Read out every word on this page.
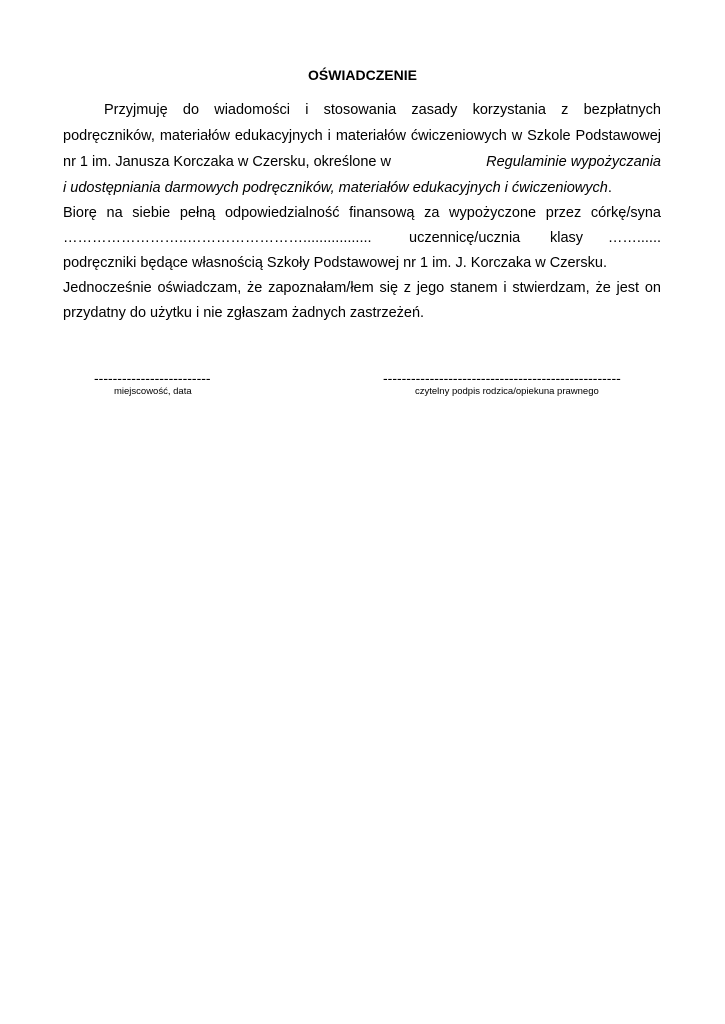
OŚWIADCZENIE
Przyjmuję do wiadomości i stosowania zasady korzystania z bezpłatnych
podręczników, materiałów edukacyjnych i materiałów ćwiczeniowych w Szkole Podstawowej
nr 1 im. Janusza Korczaka w Czersku, określone w	Regulaminie wypożyczania
i udostępniania darmowych podręczników, materiałów edukacyjnych i ćwiczeniowych.
Biorę na siebie pełną odpowiedzialność finansową za wypożyczone przez córkę/syna
……………………..…………………….................	uczennicę/ucznia klasy ……......
podręczniki będące własnością Szkoły Podstawowej nr 1 im. J. Korczaka w Czersku.
Jednocześnie oświadczam, że zapoznałam/łem się z jego stanem i stwierdzam, że jest on
przydatny do użytku i nie zgłaszam żadnych zastrzeżeń.
-------------------------
miejscowość, data
---------------------------------------------------
czytelny podpis rodzica/opiekuna prawnego
